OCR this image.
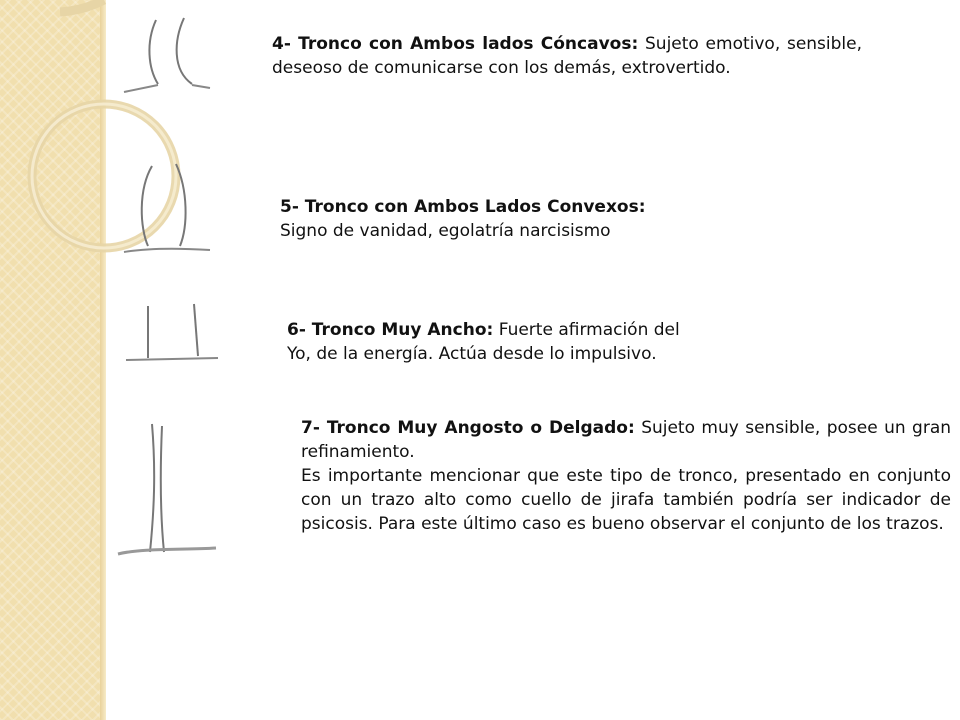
4- Tronco con Ambos lados Cóncavos: Sujeto emotivo, sensible, deseoso de comunicarse con los demás, extrovertido.

5- Tronco con Ambos Lados Convexos:
Signo de vanidad, egolatría narcisismo

6- Tronco Muy Ancho: Fuerte afirmación del
Yo, de la energía. Actúa desde lo impulsivo.

7- Tronco Muy Angosto o Delgado: Sujeto muy sensible, posee un gran refinamiento.
Es importante mencionar que este tipo de tronco, presentado en conjunto con un trazo alto como cuello de jirafa también podría ser indicador de psicosis. Para este último caso es bueno observar el conjunto de los trazos.
